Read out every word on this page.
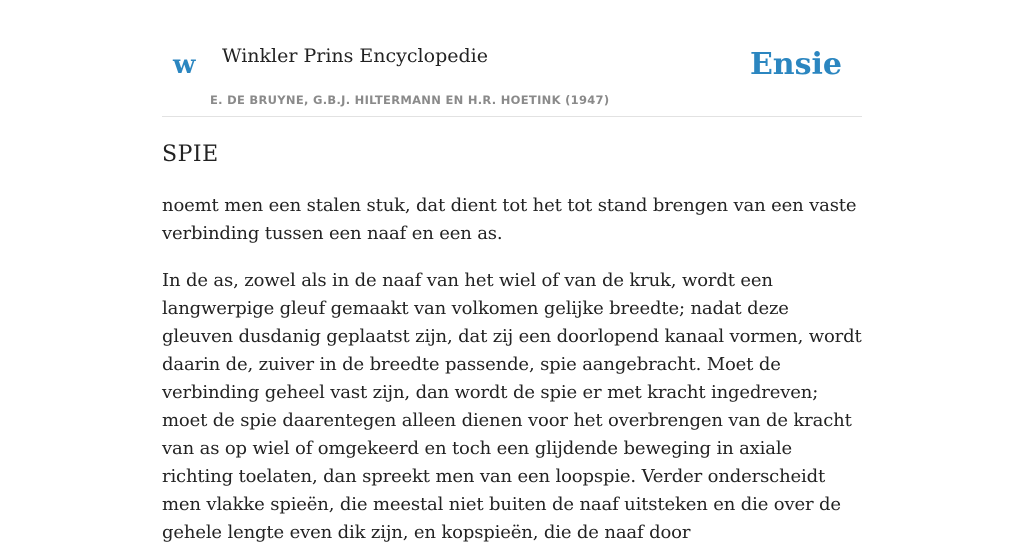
w Winkler Prins Encyclopedie
E. DE BRUYNE, G.B.J. HILTERMANN EN H.R. HOETINK (1947)
Ensie
SPIE

noemt men een stalen stuk, dat dient tot het tot stand brengen van een vaste verbinding tussen een naaf en een as.

In de as, zowel als in de naaf van het wiel of van de kruk, wordt een langwerpige gleuf gemaakt van volkomen gelijke breedte; nadat deze gleuven dusdanig geplaatst zijn, dat zij een doorlopend kanaal vormen, wordt daarin de, zuiver in de breedte passende, spie aangebracht. Moet de verbinding geheel vast zijn, dan wordt de spie er met kracht ingedreven; moet de spie daarentegen alleen dienen voor het overbrengen van de kracht van as op wiel of omgekeerd en toch een glijdende beweging in axiale richting toelaten, dan spreekt men van een loopspie. Verder onderscheidt men vlakke spieën, die meestal niet buiten de naaf uitsteken en die over de gehele lengte even dik zijn, en kopspieën, die de naaf door
